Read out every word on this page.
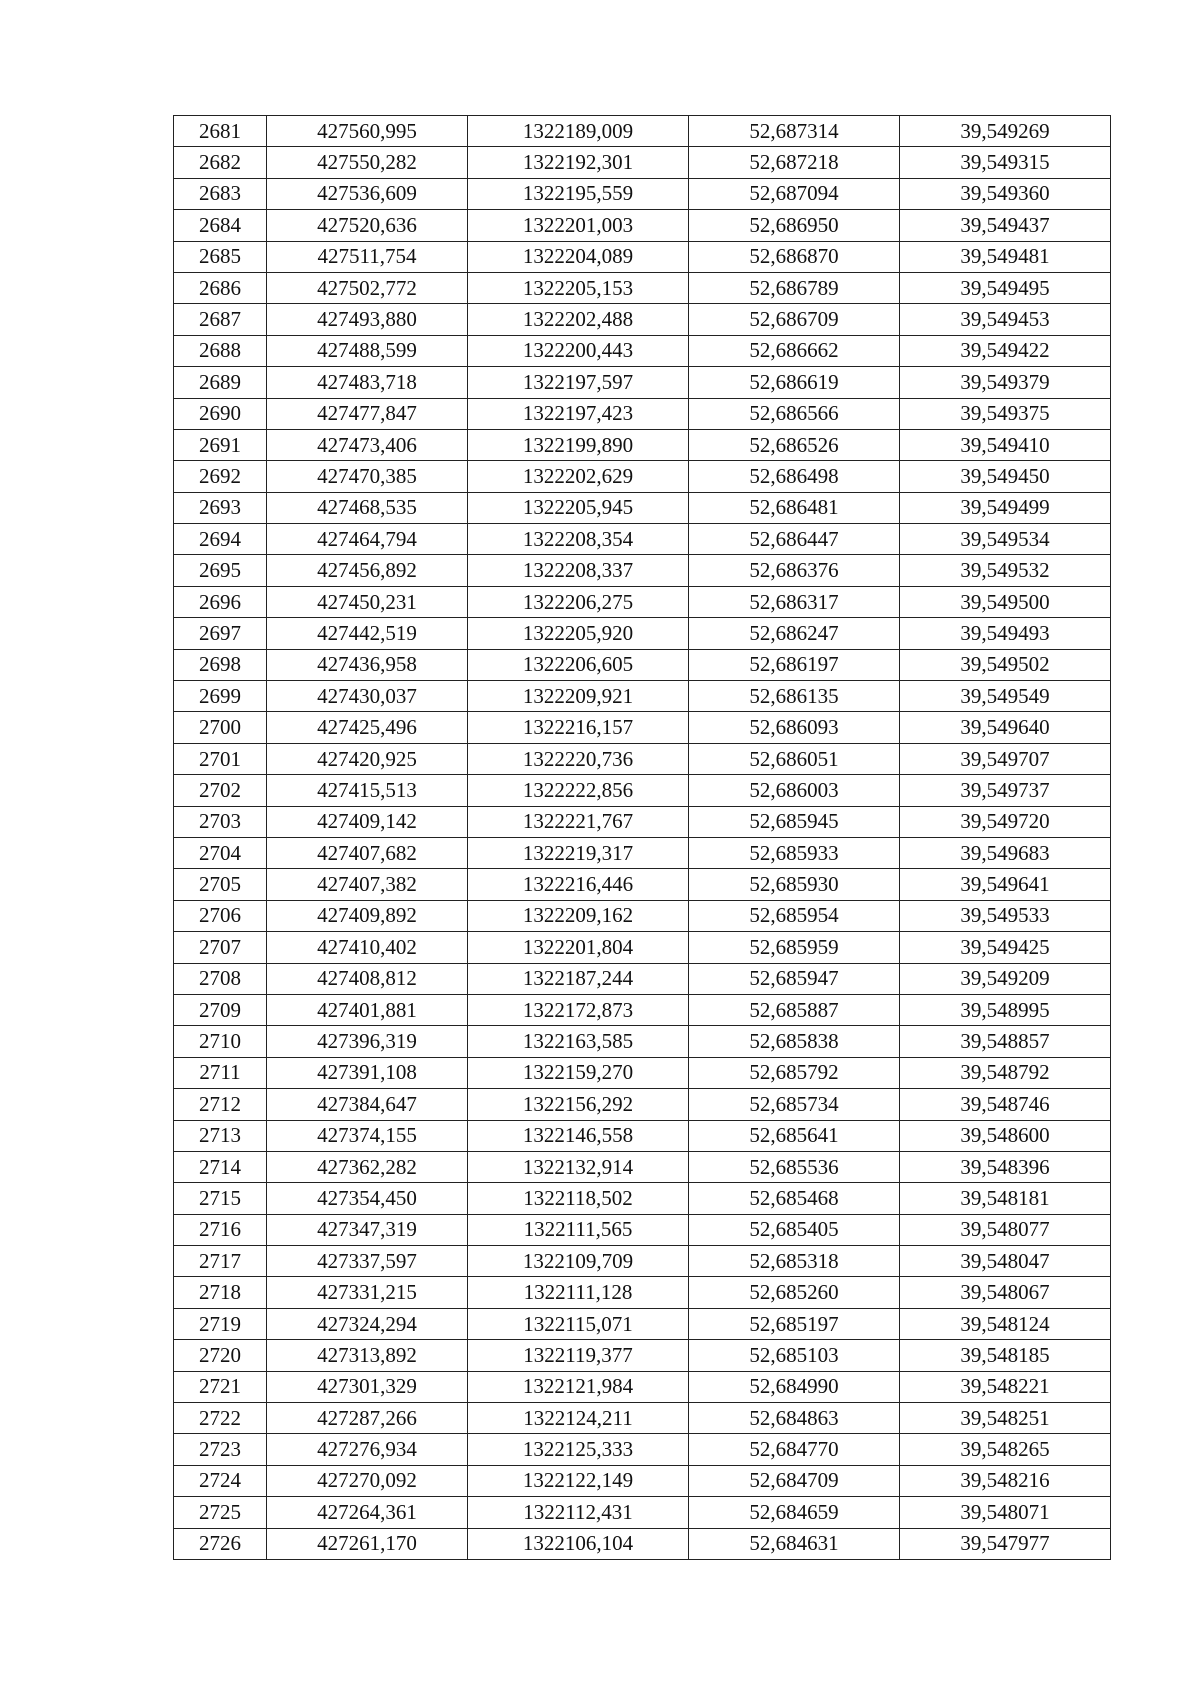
2681	427560,995	1322189,009	52,687314	39,549269
2682	427550,282	1322192,301	52,687218	39,549315
2683	427536,609	1322195,559	52,687094	39,549360
2684	427520,636	1322201,003	52,686950	39,549437
2685	427511,754	1322204,089	52,686870	39,549481
2686	427502,772	1322205,153	52,686789	39,549495
2687	427493,880	1322202,488	52,686709	39,549453
2688	427488,599	1322200,443	52,686662	39,549422
2689	427483,718	1322197,597	52,686619	39,549379
2690	427477,847	1322197,423	52,686566	39,549375
2691	427473,406	1322199,890	52,686526	39,549410
2692	427470,385	1322202,629	52,686498	39,549450
2693	427468,535	1322205,945	52,686481	39,549499
2694	427464,794	1322208,354	52,686447	39,549534
2695	427456,892	1322208,337	52,686376	39,549532
2696	427450,231	1322206,275	52,686317	39,549500
2697	427442,519	1322205,920	52,686247	39,549493
2698	427436,958	1322206,605	52,686197	39,549502
2699	427430,037	1322209,921	52,686135	39,549549
2700	427425,496	1322216,157	52,686093	39,549640
2701	427420,925	1322220,736	52,686051	39,549707
2702	427415,513	1322222,856	52,686003	39,549737
2703	427409,142	1322221,767	52,685945	39,549720
2704	427407,682	1322219,317	52,685933	39,549683
2705	427407,382	1322216,446	52,685930	39,549641
2706	427409,892	1322209,162	52,685954	39,549533
2707	427410,402	1322201,804	52,685959	39,549425
2708	427408,812	1322187,244	52,685947	39,549209
2709	427401,881	1322172,873	52,685887	39,548995
2710	427396,319	1322163,585	52,685838	39,548857
2711	427391,108	1322159,270	52,685792	39,548792
2712	427384,647	1322156,292	52,685734	39,548746
2713	427374,155	1322146,558	52,685641	39,548600
2714	427362,282	1322132,914	52,685536	39,548396
2715	427354,450	1322118,502	52,685468	39,548181
2716	427347,319	1322111,565	52,685405	39,548077
2717	427337,597	1322109,709	52,685318	39,548047
2718	427331,215	1322111,128	52,685260	39,548067
2719	427324,294	1322115,071	52,685197	39,548124
2720	427313,892	1322119,377	52,685103	39,548185
2721	427301,329	1322121,984	52,684990	39,548221
2722	427287,266	1322124,211	52,684863	39,548251
2723	427276,934	1322125,333	52,684770	39,548265
2724	427270,092	1322122,149	52,684709	39,548216
2725	427264,361	1322112,431	52,684659	39,548071
2726	427261,170	1322106,104	52,684631	39,547977
